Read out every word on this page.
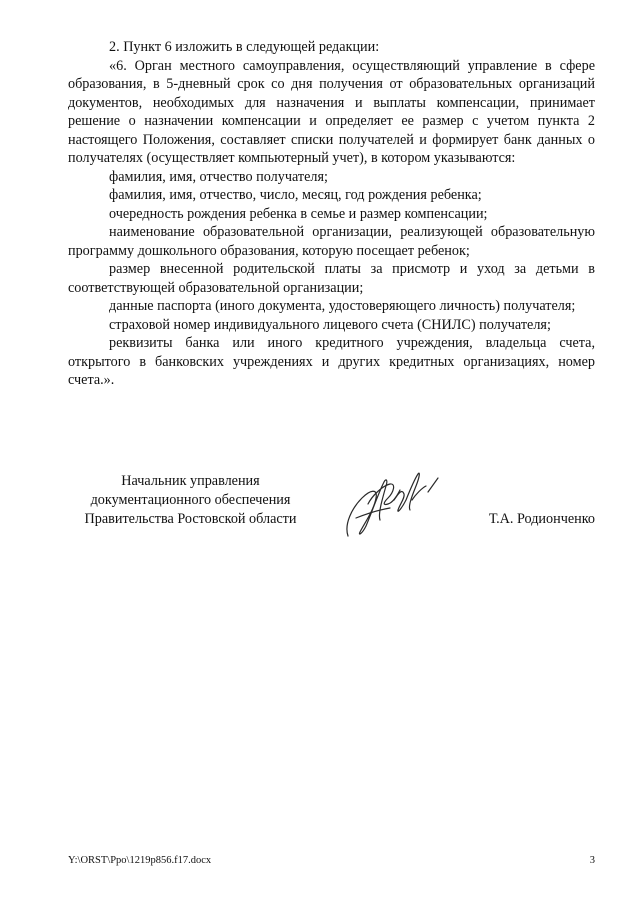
2. Пункт 6 изложить в следующей редакции:

«6. Орган местного самоуправления, осуществляющий управление в сфере образования, в 5-дневный срок со дня получения от образовательных организаций документов, необходимых для назначения и выплаты компенсации, принимает решение о назначении компенсации и определяет ее размер с учетом пункта 2 настоящего Положения, составляет списки получателей и формирует банк данных о получателях (осуществляет компьютерный учет), в котором указываются:

фамилия, имя, отчество получателя;

фамилия, имя, отчество, число, месяц, год рождения ребенка;

очередность рождения ребенка в семье и размер компенсации;

наименование образовательной организации, реализующей образовательную программу дошкольного образования, которую посещает ребенок;

размер внесенной родительской платы за присмотр и уход за детьми в соответствующей образовательной организации;

данные паспорта (иного документа, удостоверяющего личность) получателя;

страховой номер индивидуального лицевого счета (СНИЛС) получателя;

реквизиты банка или иного кредитного учреждения, владельца счета, открытого в банковских учреждениях и других кредитных организациях, номер счета.».

Начальник управления
документационного обеспечения
Правительства Ростовской области	Т.А. Родионченко
Y:\ORST\Ppo\1219p856.f17.docx	3
